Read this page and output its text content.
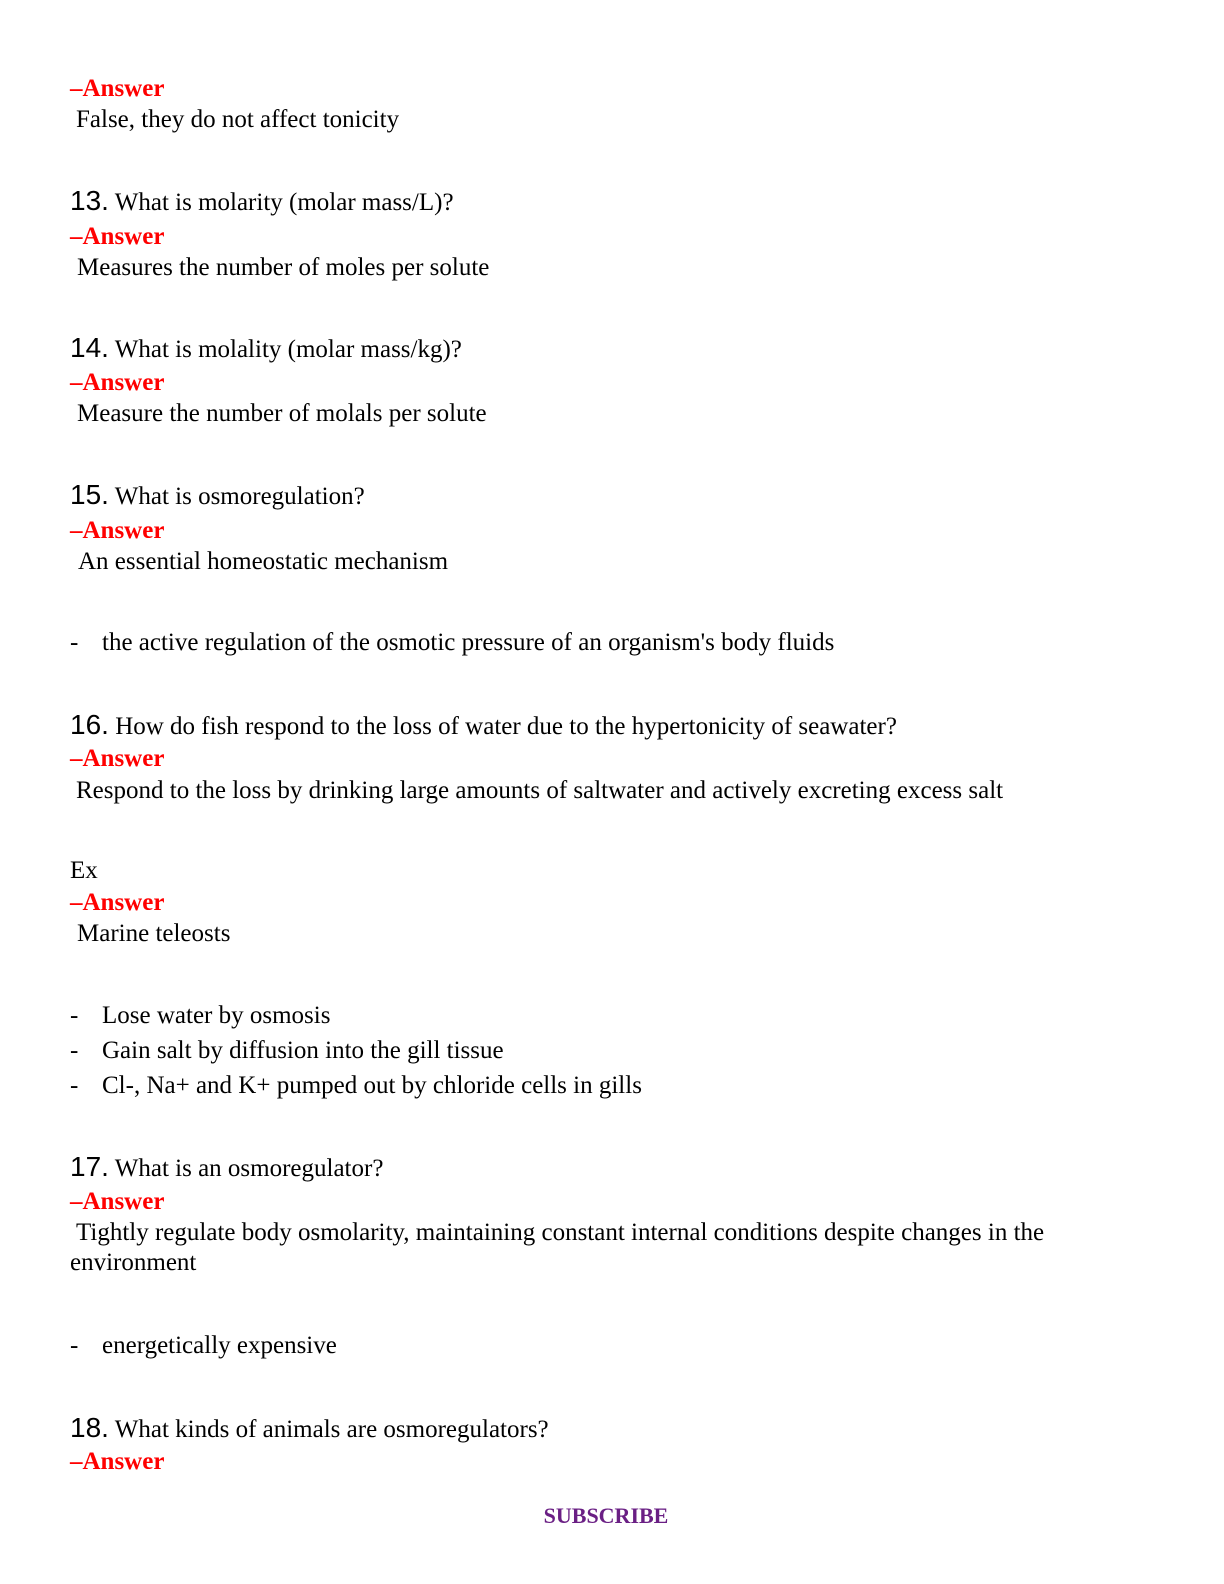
–Answer
False, they do not affect tonicity
13. What is molarity (molar mass/L)?
–Answer
Measures the number of moles per solute
14. What is molality (molar mass/kg)?
–Answer
Measure the number of molals per solute
15. What is osmoregulation?
–Answer
An essential homeostatic mechanism
- the active regulation of the osmotic pressure of an organism's body fluids
16. How do fish respond to the loss of water due to the hypertonicity of seawater?
–Answer
Respond to the loss by drinking large amounts of saltwater and actively excreting excess salt
Ex
–Answer
Marine teleosts
- Lose water by osmosis
- Gain salt by diffusion into the gill tissue
- Cl-, Na+ and K+ pumped out by chloride cells in gills
17. What is an osmoregulator?
–Answer
Tightly regulate body osmolarity, maintaining constant internal conditions despite changes in the environment
- energetically expensive
18. What kinds of animals are osmoregulators?
–Answer
SUBSCRIBE
